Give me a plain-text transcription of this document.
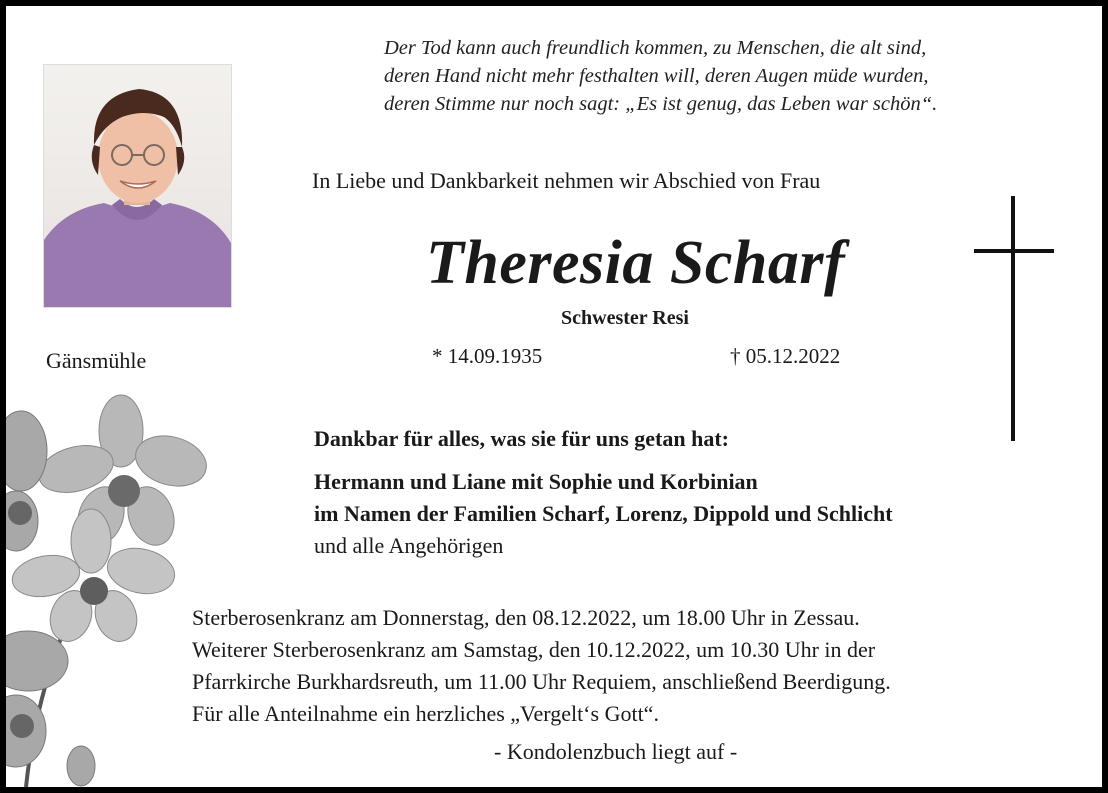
Der Tod kann auch freundlich kommen, zu Menschen, die alt sind,
deren Hand nicht mehr festhalten will, deren Augen müde wurden,
deren Stimme nur noch sagt: „Es ist genug, das Leben war schön“.
In Liebe und Dankbarkeit nehmen wir Abschied von Frau
Theresia Scharf
Schwester Resi
Gänsmühle	* 14.09.1935	† 05.12.2022
Dankbar für alles, was sie für uns getan hat:
Hermann und Liane mit Sophie und Korbinian
im Namen der Familien Scharf, Lorenz, Dippold und Schlicht
und alle Angehörigen
Sterberosenkranz am Donnerstag, den 08.12.2022, um 18.00 Uhr in Zessau.
Weiterer Sterberosenkranz am Samstag, den 10.12.2022, um 10.30 Uhr in der
Pfarrkirche Burkhardsreuth, um 11.00 Uhr Requiem, anschließend Beerdigung.
Für alle Anteilnahme ein herzliches „Vergelt‘s Gott“.
- Kondolenzbuch liegt auf -
